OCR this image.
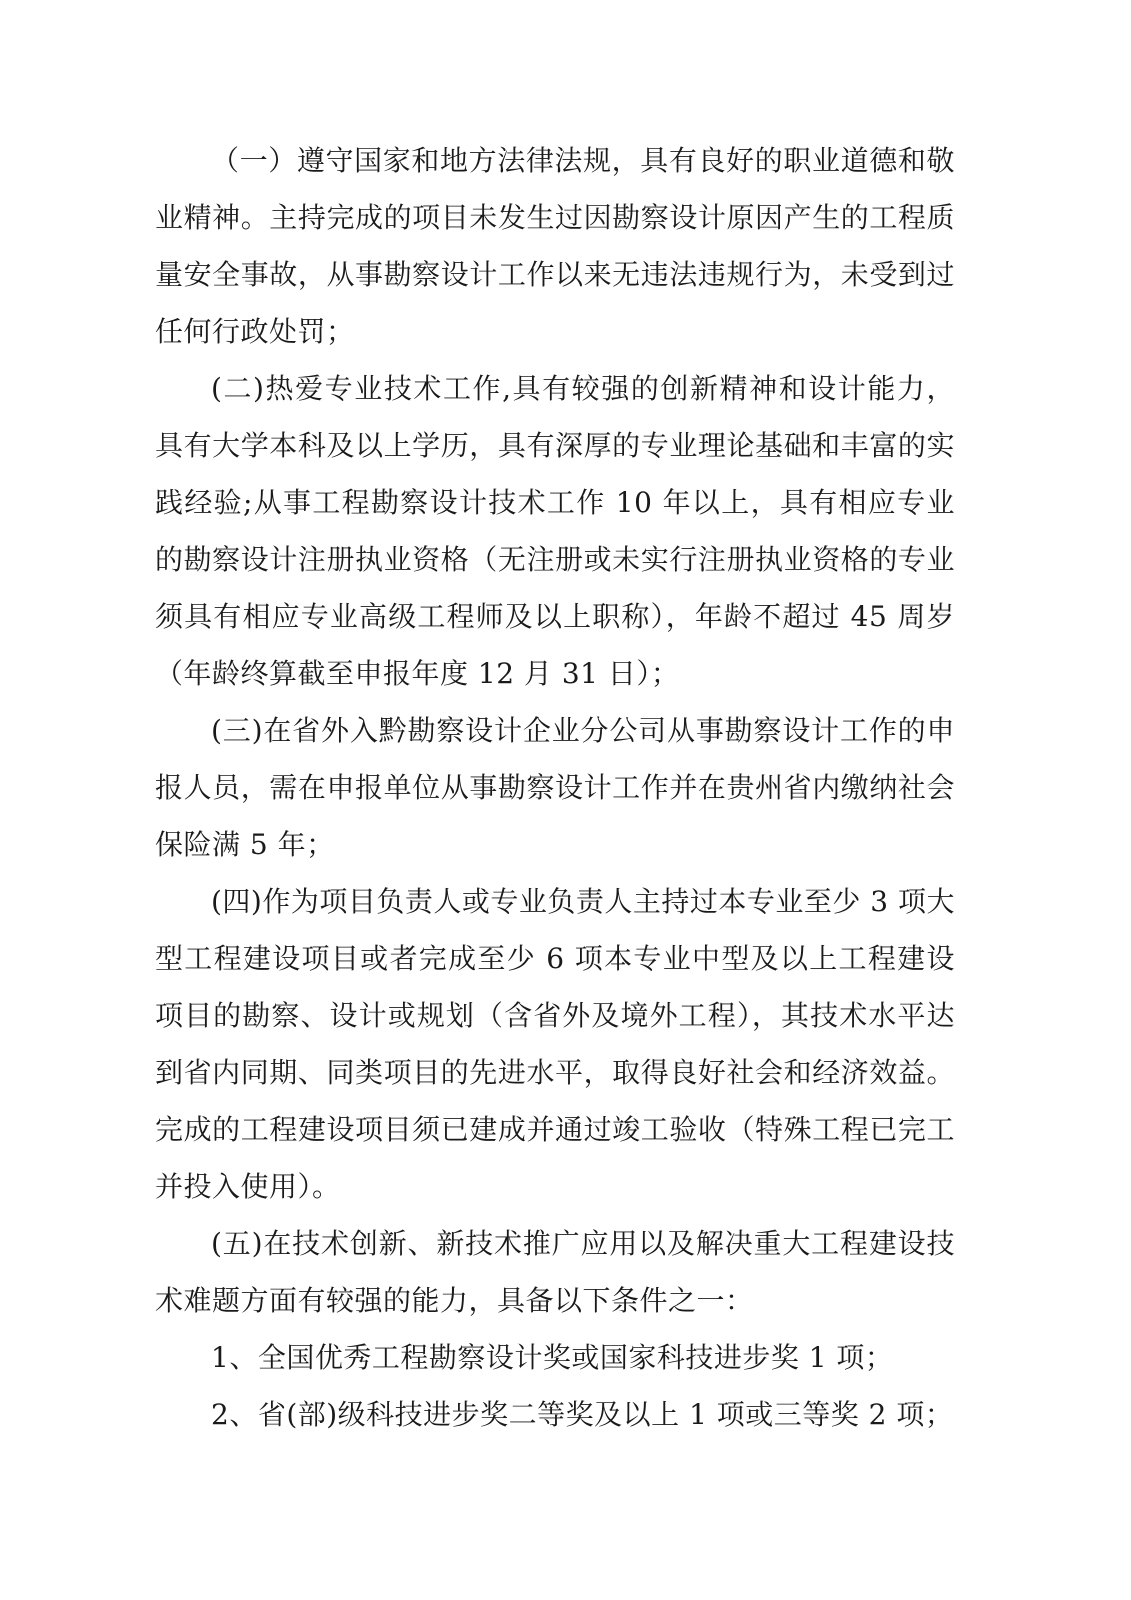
（一）遵守国家和地方法律法规，具有良好的职业道德和敬业精神。主持完成的项目未发生过因勘察设计原因产生的工程质量安全事故，从事勘察设计工作以来无违法违规行为，未受到过任何行政处罚；

(二)热爱专业技术工作,具有较强的创新精神和设计能力，具有大学本科及以上学历，具有深厚的专业理论基础和丰富的实践经验;从事工程勘察设计技术工作 10 年以上，具有相应专业的勘察设计注册执业资格（无注册或未实行注册执业资格的专业须具有相应专业高级工程师及以上职称），年龄不超过 45 周岁（年龄终算截至申报年度 12 月 31 日）；

(三)在省外入黔勘察设计企业分公司从事勘察设计工作的申报人员，需在申报单位从事勘察设计工作并在贵州省内缴纳社会保险满 5 年；

(四)作为项目负责人或专业负责人主持过本专业至少 3 项大型工程建设项目或者完成至少 6 项本专业中型及以上工程建设项目的勘察、设计或规划（含省外及境外工程），其技术水平达到省内同期、同类项目的先进水平，取得良好社会和经济效益。完成的工程建设项目须已建成并通过竣工验收（特殊工程已完工并投入使用）。

(五)在技术创新、新技术推广应用以及解决重大工程建设技术难题方面有较强的能力，具备以下条件之一：

1、全国优秀工程勘察设计奖或国家科技进步奖 1 项；

2、省(部)级科技进步奖二等奖及以上 1 项或三等奖 2 项；
